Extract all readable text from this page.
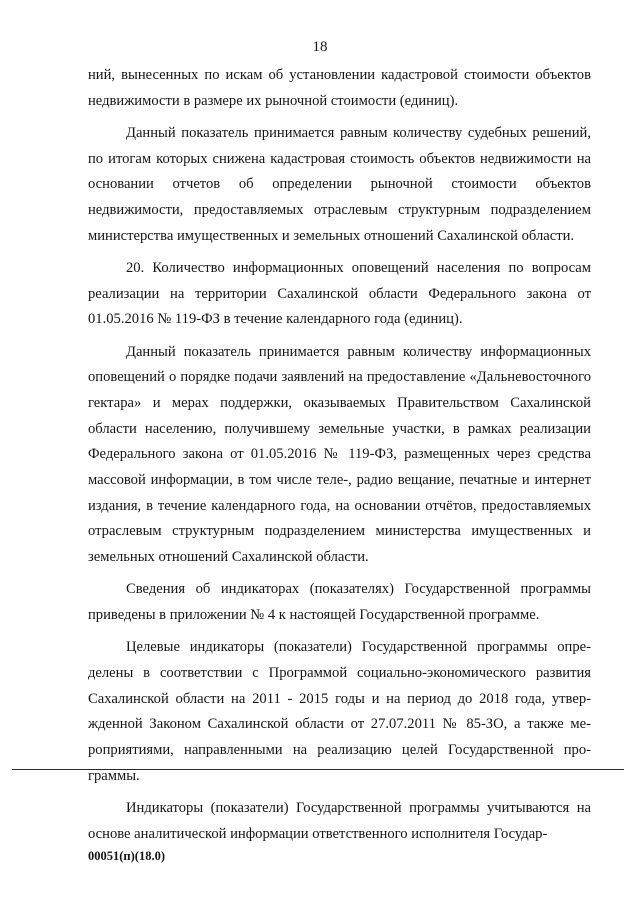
18

ний, вынесенных по искам об установлении кадастровой стоимости объектов недвижимости в размере их рыночной стоимости (единиц).

Данный показатель принимается равным количеству судебных решений, по итогам которых снижена кадастровая стоимость объектов недвижимости на основании отчетов об определении рыночной стоимости объектов недвижимости, предоставляемых отраслевым структурным подразделением министерства имущественных и земельных отношений Сахалинской области.

20. Количество информационных оповещений населения по вопросам реализации на территории Сахалинской области Федерального закона от 01.05.2016 № 119-ФЗ в течение календарного года (единиц).

Данный показатель принимается равным количеству информационных оповещений о порядке подачи заявлений на предоставление «Дальневосточного гектара» и мерах поддержки, оказываемых Правительством Сахалинской области населению, получившему земельные участки, в рамках реализации Федерального закона от 01.05.2016 № 119-ФЗ, размещенных через средства массовой информации, в том числе теле-, радио вещание, печатные и интернет издания, в течение календарного года, на основании отчётов, предоставляемых отраслевым структурным подразделением министерства имущественных и земельных отношений Сахалинской области.

Сведения об индикаторах (показателях) Государственной программы приведены в приложении № 4 к настоящей Государственной программе.

Целевые индикаторы (показатели) Государственной программы определены в соответствии с Программой социально-экономического развития Сахалинской области на 2011 - 2015 годы и на период до 2018 года, утвержденной Законом Сахалинской области от 27.07.2011 № 85-ЗО, а также мероприятиями, направленными на реализацию целей Государственной программы.

Индикаторы (показатели) Государственной программы учитываются на основе аналитической информации ответственного исполнителя Государ-

00051(п)(18.0)
